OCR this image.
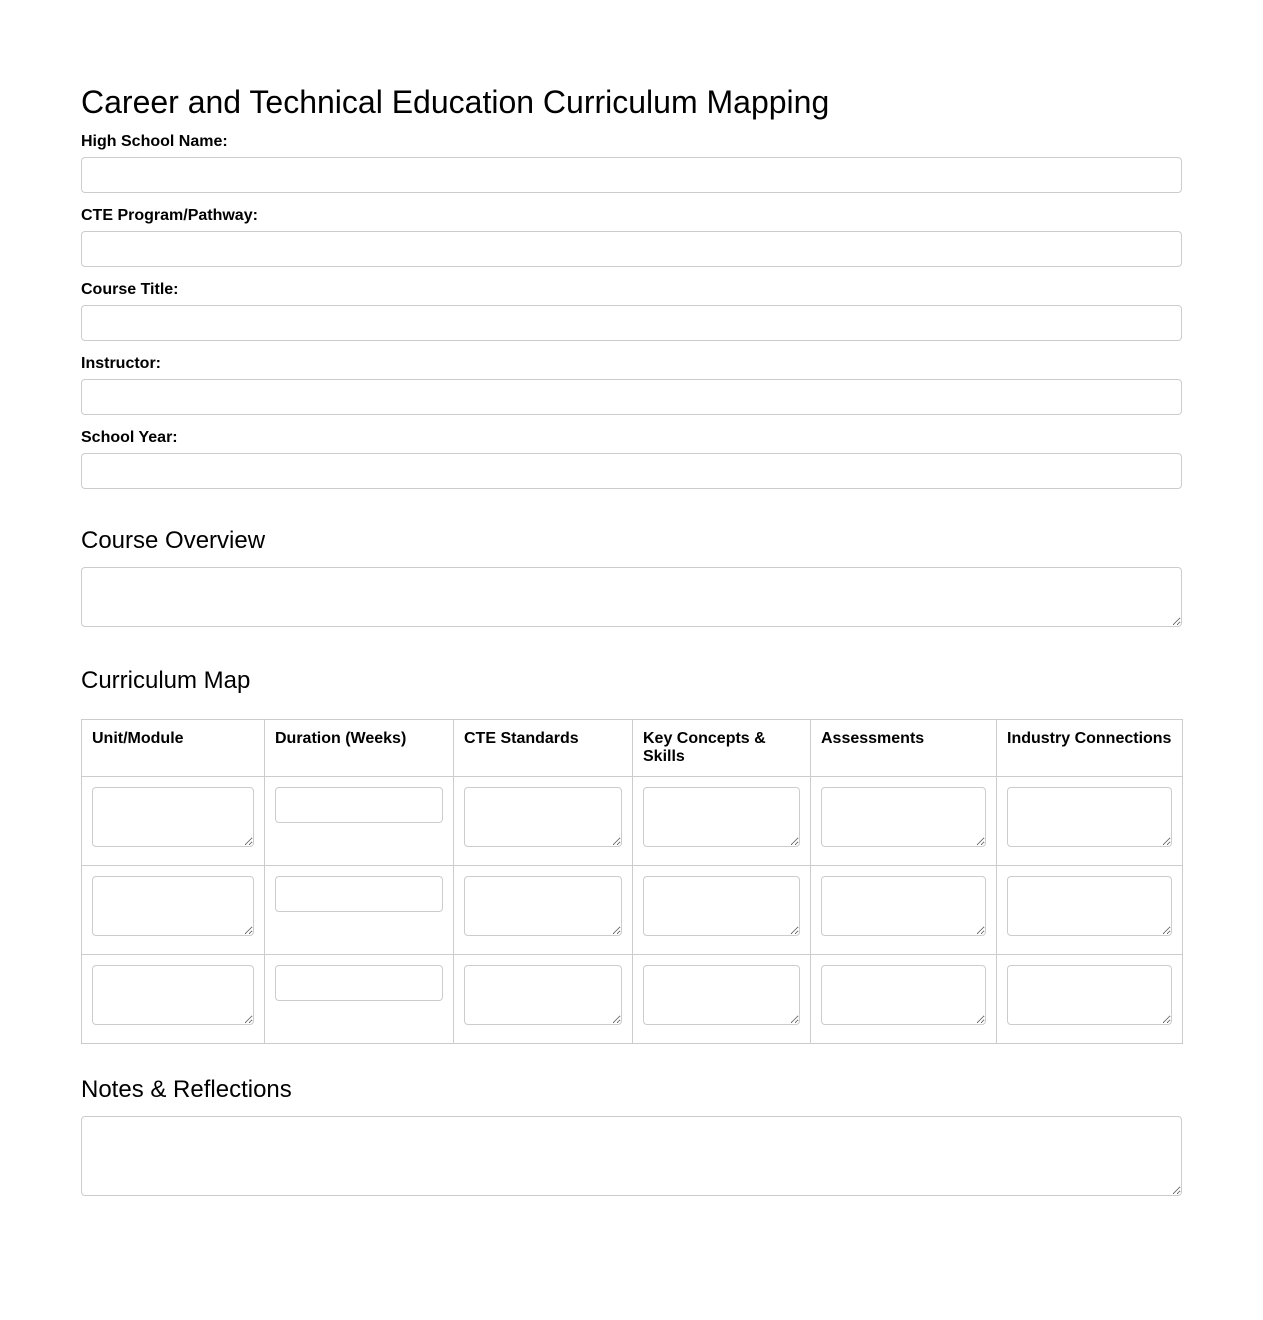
Career and Technical Education Curriculum Mapping
High School Name:
CTE Program/Pathway:
Course Title:
Instructor:
School Year:
Course Overview
Curriculum Map
Unit/Module	Duration (Weeks)	CTE Standards	Key Concepts & Skills	Assessments	Industry Connections

Notes & Reflections
